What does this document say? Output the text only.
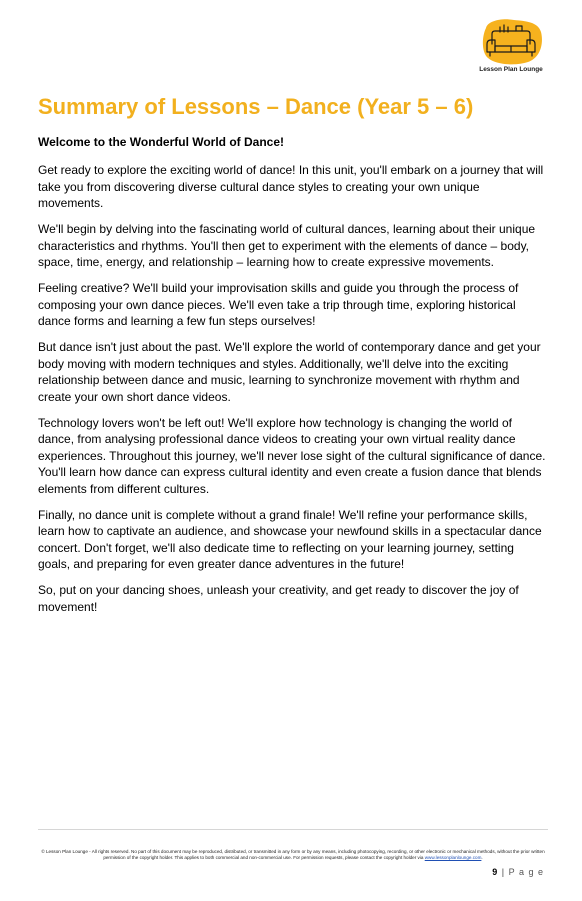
Lesson Plan Lounge
Summary of Lessons – Dance (Year 5 – 6)

Welcome to the Wonderful World of Dance!

Get ready to explore the exciting world of dance! In this unit, you'll embark on a journey that will take you from discovering diverse cultural dance styles to creating your own unique movements.

We'll begin by delving into the fascinating world of cultural dances, learning about their unique characteristics and rhythms. You'll then get to experiment with the elements of dance – body, space, time, energy, and relationship – learning how to create expressive movements.

Feeling creative? We'll build your improvisation skills and guide you through the process of composing your own dance pieces. We'll even take a trip through time, exploring historical dance forms and learning a few fun steps ourselves!

But dance isn't just about the past. We'll explore the world of contemporary dance and get your body moving with modern techniques and styles. Additionally, we'll delve into the exciting relationship between dance and music, learning to synchronize movement with rhythm and create your own short dance videos.

Technology lovers won't be left out! We'll explore how technology is changing the world of dance, from analysing professional dance videos to creating your own virtual reality dance experiences. Throughout this journey, we'll never lose sight of the cultural significance of dance. You'll learn how dance can express cultural identity and even create a fusion dance that blends elements from different cultures.

Finally, no dance unit is complete without a grand finale! We'll refine your performance skills, learn how to captivate an audience, and showcase your newfound skills in a spectacular dance concert. Don't forget, we'll also dedicate time to reflecting on your learning journey, setting goals, and preparing for even greater dance adventures in the future!

So, put on your dancing shoes, unleash your creativity, and get ready to discover the joy of movement!

© Lesson Plan Lounge - All rights reserved. No part of this document may be reproduced, distributed, or transmitted in any form or by any means, including photocopying, recording, or other electronic or mechanical methods, without the prior written permission of the copyright holder. This applies to both commercial and non-commercial use. For permission requests, please contact the copyright holder via www.lessonplanlounge.com.
9 | P a g e
